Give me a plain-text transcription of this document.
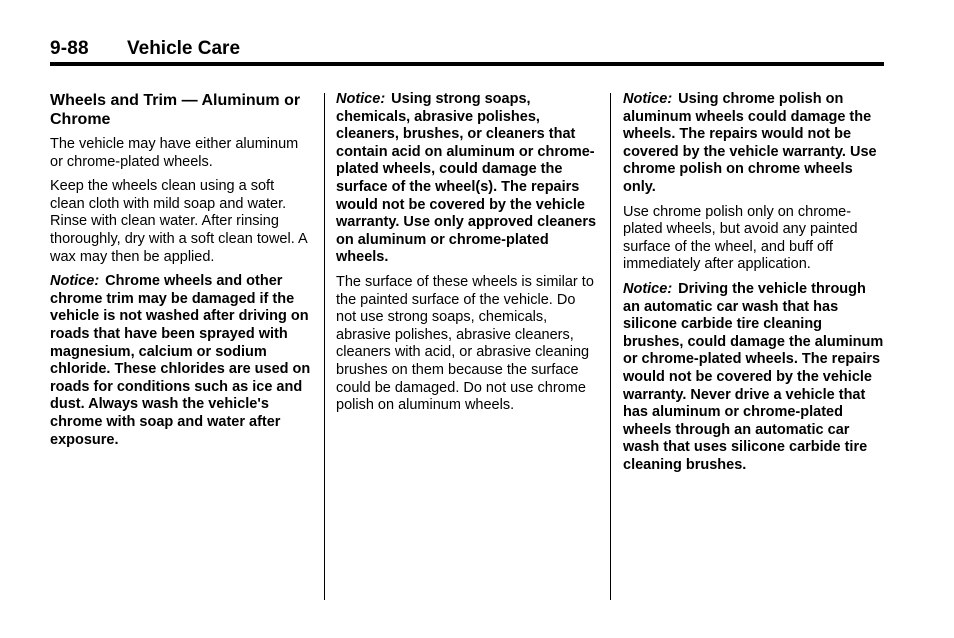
9-88 Vehicle Care
Wheels and Trim — Aluminum or Chrome

The vehicle may have either aluminum or chrome-plated wheels.

Keep the wheels clean using a soft clean cloth with mild soap and water. Rinse with clean water. After rinsing thoroughly, dry with a soft clean towel. A wax may then be applied.

Notice: Chrome wheels and other chrome trim may be damaged if the vehicle is not washed after driving on roads that have been sprayed with magnesium, calcium or sodium chloride. These chlorides are used on roads for conditions such as ice and dust. Always wash the vehicle's chrome with soap and water after exposure.

Notice: Using strong soaps, chemicals, abrasive polishes, cleaners, brushes, or cleaners that contain acid on aluminum or chrome-plated wheels, could damage the surface of the wheel(s). The repairs would not be covered by the vehicle warranty. Use only approved cleaners on aluminum or chrome-plated wheels.

The surface of these wheels is similar to the painted surface of the vehicle. Do not use strong soaps, chemicals, abrasive polishes, abrasive cleaners, cleaners with acid, or abrasive cleaning brushes on them because the surface could be damaged. Do not use chrome polish on aluminum wheels.

Notice: Using chrome polish on aluminum wheels could damage the wheels. The repairs would not be covered by the vehicle warranty. Use chrome polish on chrome wheels only.

Use chrome polish only on chrome-plated wheels, but avoid any painted surface of the wheel, and buff off immediately after application.

Notice: Driving the vehicle through an automatic car wash that has silicone carbide tire cleaning brushes, could damage the aluminum or chrome-plated wheels. The repairs would not be covered by the vehicle warranty. Never drive a vehicle that has aluminum or chrome-plated wheels through an automatic car wash that uses silicone carbide tire cleaning brushes.
